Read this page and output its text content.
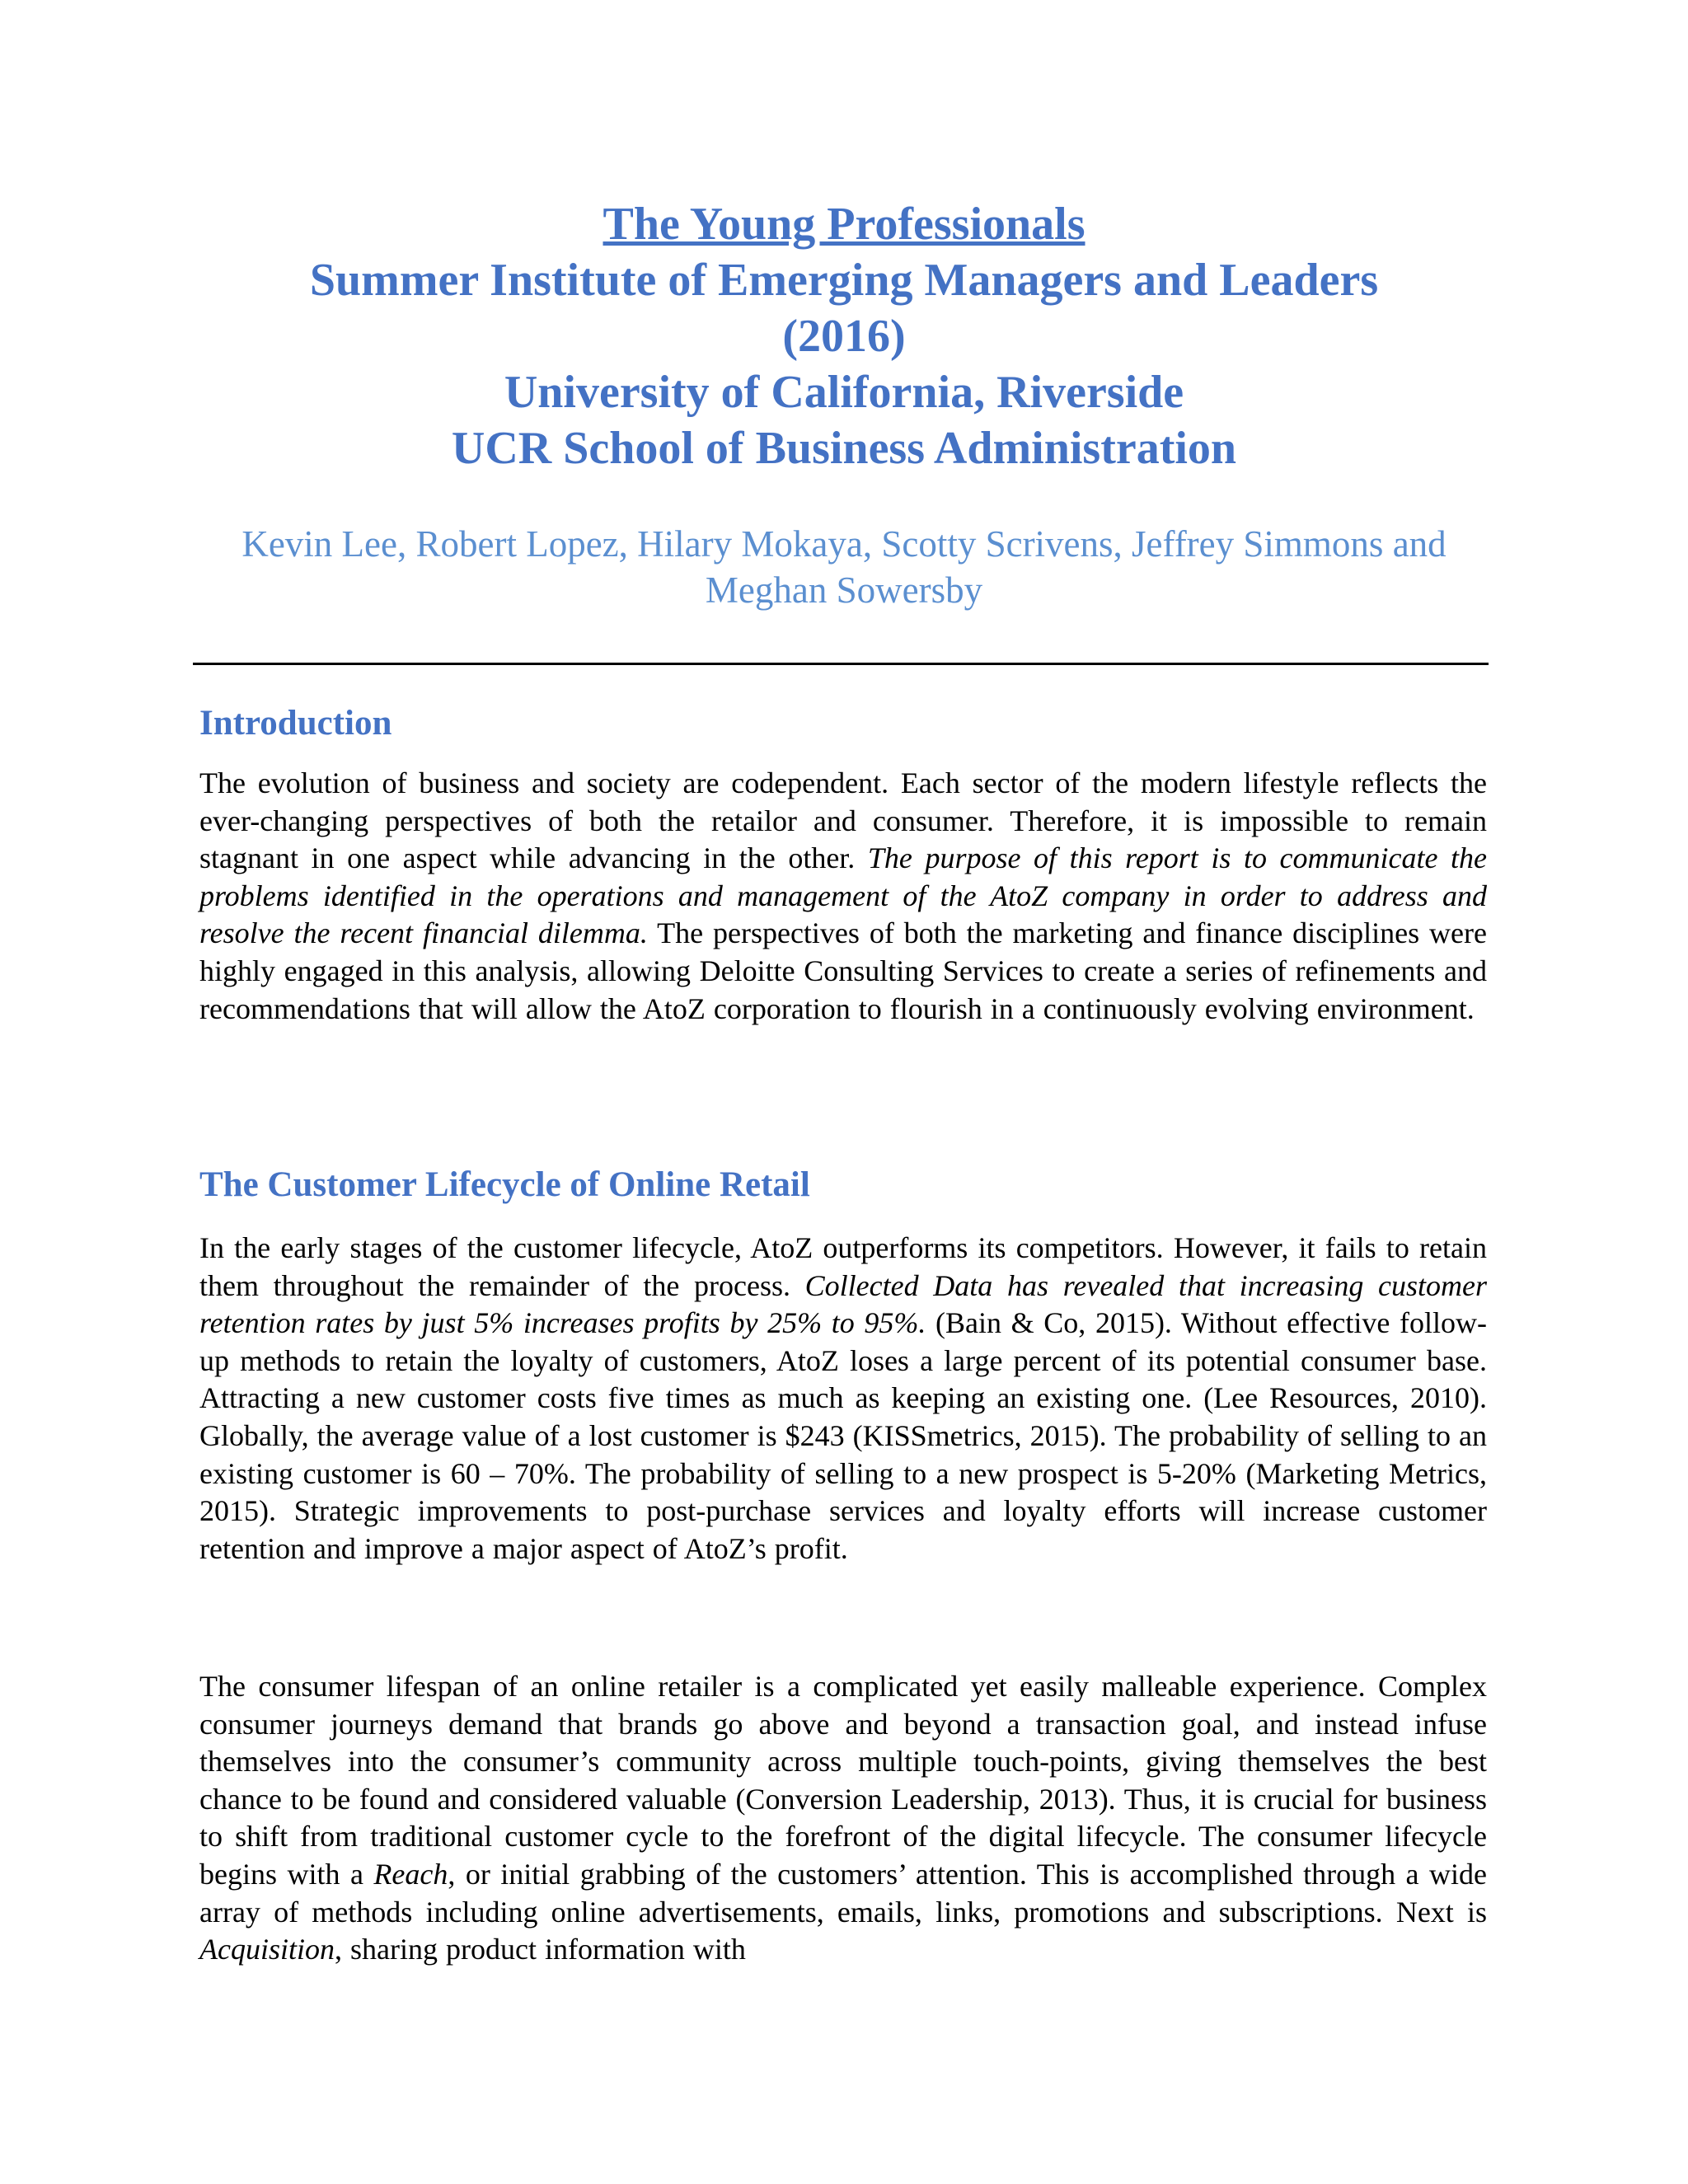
The Young Professionals
Summer Institute of Emerging Managers and Leaders
(2016)
University of California, Riverside
UCR School of Business Administration
Kevin Lee, Robert Lopez, Hilary Mokaya, Scotty Scrivens, Jeffrey Simmons and
Meghan Sowersby
Introduction

The evolution of business and society are codependent. Each sector of the modern lifestyle reflects the ever-changing perspectives of both the retailor and consumer. Therefore, it is impossible to remain stagnant in one aspect while advancing in the other. The purpose of this report is to communicate the problems identified in the operations and management of the AtoZ company in order to address and resolve the recent financial dilemma. The perspectives of both the marketing and finance disciplines were highly engaged in this analysis, allowing Deloitte Consulting Services to create a series of refinements and recommendations that will allow the AtoZ corporation to flourish in a continuously evolving environment.

The Customer Lifecycle of Online Retail

In the early stages of the customer lifecycle, AtoZ outperforms its competitors. However, it fails to retain them throughout the remainder of the process. Collected Data has revealed that increasing customer retention rates by just 5% increases profits by 25% to 95%. (Bain & Co, 2015). Without effective follow-up methods to retain the loyalty of customers, AtoZ loses a large percent of its potential consumer base. Attracting a new customer costs five times as much as keeping an existing one. (Lee Resources, 2010). Globally, the average value of a lost customer is $243 (KISSmetrics, 2015). The probability of selling to an existing customer is 60 – 70%. The probability of selling to a new prospect is 5-20% (Marketing Metrics, 2015). Strategic improvements to post-purchase services and loyalty efforts will increase customer retention and improve a major aspect of AtoZ’s profit.

The consumer lifespan of an online retailer is a complicated yet easily malleable experience. Complex consumer journeys demand that brands go above and beyond a transaction goal, and instead infuse themselves into the consumer’s community across multiple touch-points, giving themselves the best chance to be found and considered valuable (Conversion Leadership, 2013). Thus, it is crucial for business to shift from traditional customer cycle to the forefront of the digital lifecycle. The consumer lifecycle begins with a Reach, or initial grabbing of the customers’ attention. This is accomplished through a wide array of methods including online advertisements, emails, links, promotions and subscriptions. Next is Acquisition, sharing product information with
